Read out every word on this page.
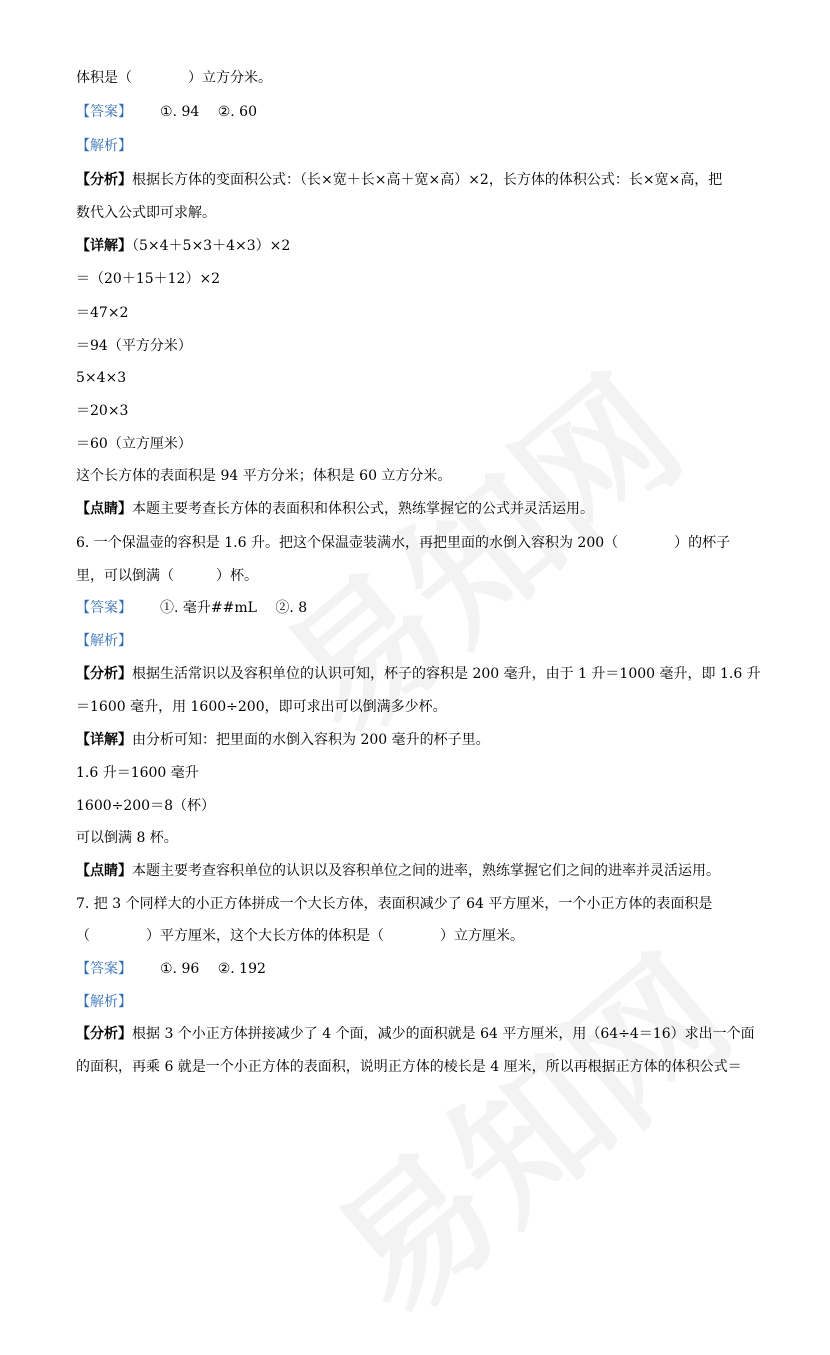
体积是（　　　　）立方分米。
【答案】 ①. 94　 ②. 60
【解析】
【分析】根据长方体的变面积公式：（长×宽＋长×高＋宽×高）×2，长方体的体积公式：长×宽×高，把
数代入公式即可求解。
【详解】（5×4＋5×3＋4×3）×2
＝（20＋15＋12）×2
＝47×2
＝94（平方分米）
5×4×3
＝20×3
＝60（立方厘米）
这个长方体的表面积是 94 平方分米；体积是 60 立方分米。
【点睛】本题主要考查长方体的表面积和体积公式，熟练掌握它的公式并灵活运用。
6. 一个保温壶的容积是 1.6 升。把这个保温壶装满水，再把里面的水倒入容积为 200（　　　　）的杯子
里，可以倒满（　　　）杯。
【答案】 ①. 毫升##mL　 ②. 8
【解析】
【分析】根据生活常识以及容积单位的认识可知，杯子的容积是 200 毫升，由于 1 升＝1000 毫升，即 1.6 升
＝1600 毫升，用 1600÷200，即可求出可以倒满多少杯。
【详解】由分析可知：把里面的水倒入容积为 200 毫升的杯子里。
1.6 升＝1600 毫升
1600÷200＝8（杯）
可以倒满 8 杯。
【点睛】本题主要考查容积单位的认识以及容积单位之间的进率，熟练掌握它们之间的进率并灵活运用。
7. 把 3 个同样大的小正方体拼成一个大长方体，表面积减少了 64 平方厘米，一个小正方体的表面积是
（　　　　）平方厘米，这个大长方体的体积是（　　　　）立方厘米。
【答案】 ①. 96　 ②. 192
【解析】
【分析】根据 3 个小正方体拼接减少了 4 个面，减少的面积就是 64 平方厘米，用（64÷4＝16）求出一个面
的面积，再乘 6 就是一个小正方体的表面积，说明正方体的棱长是 4 厘米，所以再根据正方体的体积公式＝
